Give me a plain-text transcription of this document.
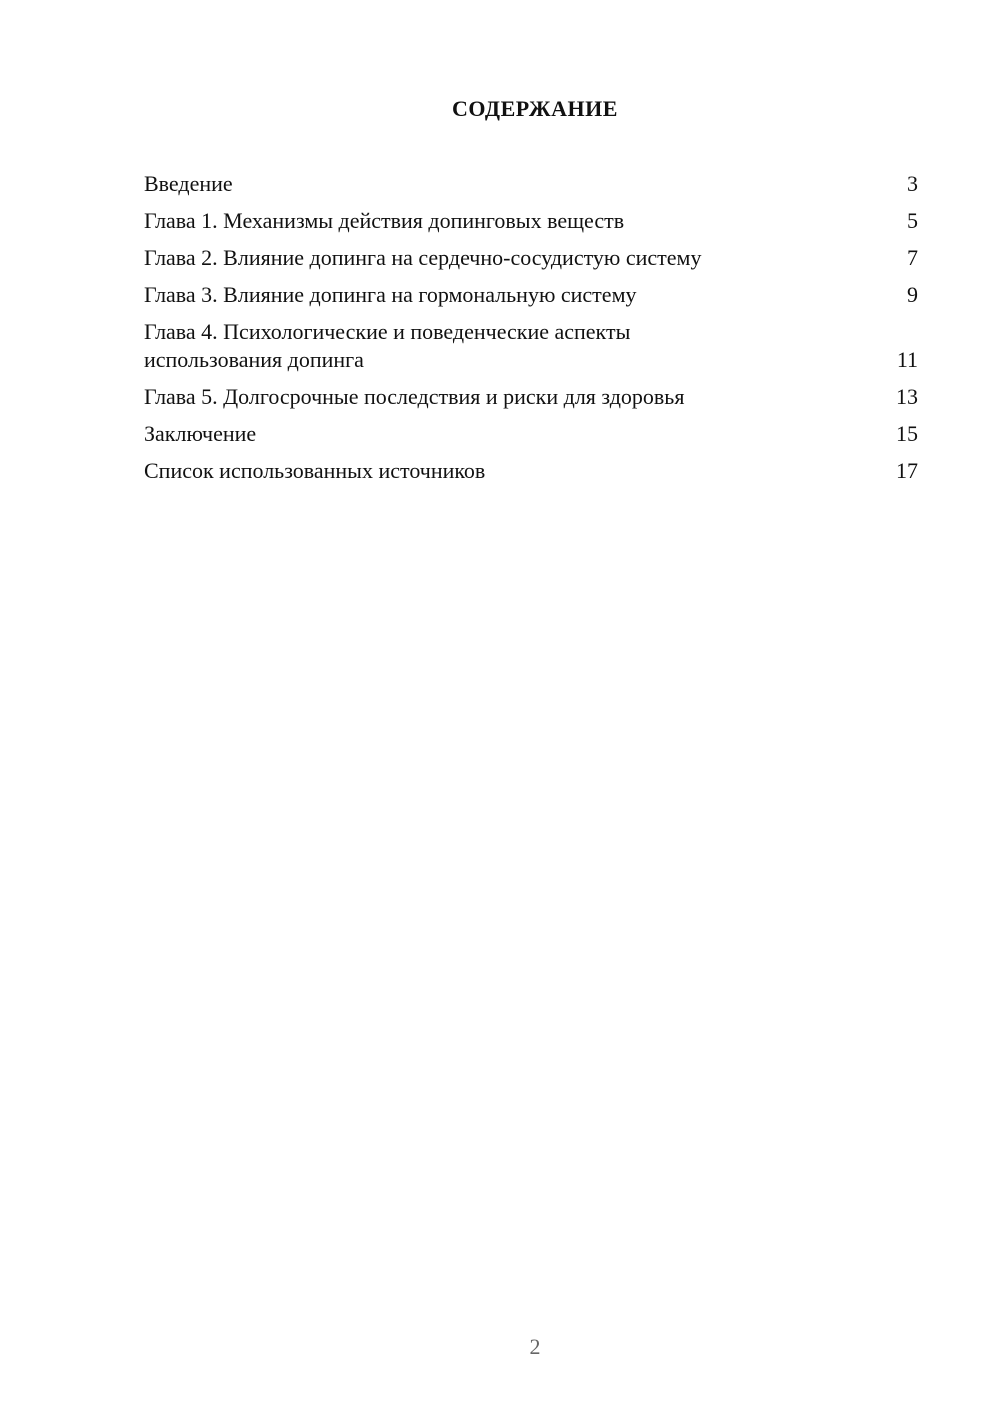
СОДЕРЖАНИЕ
Введение	3
Глава 1. Механизмы действия допинговых веществ	5
Глава 2. Влияние допинга на сердечно-сосудистую систему	7
Глава 3. Влияние допинга на гормональную систему	9
Глава 4. Психологические и поведенческие аспекты
использования допинга	11
Глава 5. Долгосрочные последствия и риски для здоровья	13
Заключение	15
Список использованных источников	17
2
